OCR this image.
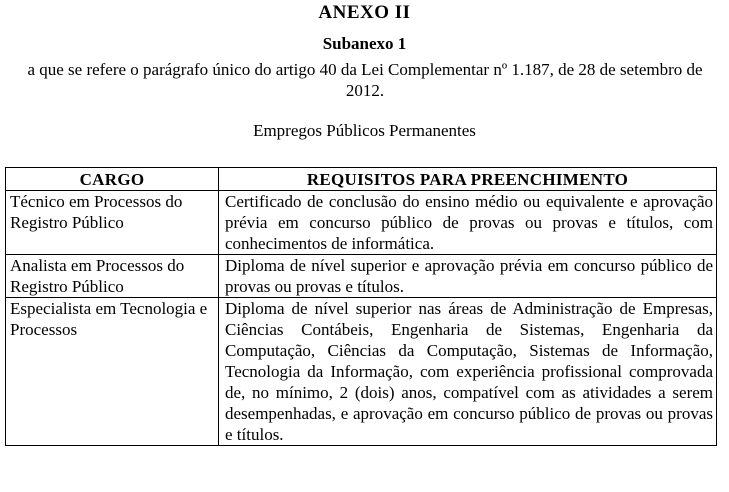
ANEXO II
Subanexo 1
a que se refere o parágrafo único do artigo 40 da Lei Complementar nº 1.187, de 28 de setembro de 2012.
Empregos Públicos Permanentes
CARGO	REQUISITOS PARA PREENCHIMENTO
Técnico em Processos do Registro Público	Certificado de conclusão do ensino médio ou equivalente e aprovação prévia em concurso público de provas ou provas e títulos, com conhecimentos de informática.
Analista em Processos do Registro Público	Diploma de nível superior e aprovação prévia em concurso público de provas ou provas e títulos.
Especialista em Tecnologia e Processos	Diploma de nível superior nas áreas de Administração de Empresas, Ciências Contábeis, Engenharia de Sistemas, Engenharia da Computação, Ciências da Computação, Sistemas de Informação, Tecnologia da Informação, com experiência profissional comprovada de, no mínimo, 2 (dois) anos, compatível com as atividades a serem desempenhadas, e aprovação em concurso público de provas ou provas e títulos.
